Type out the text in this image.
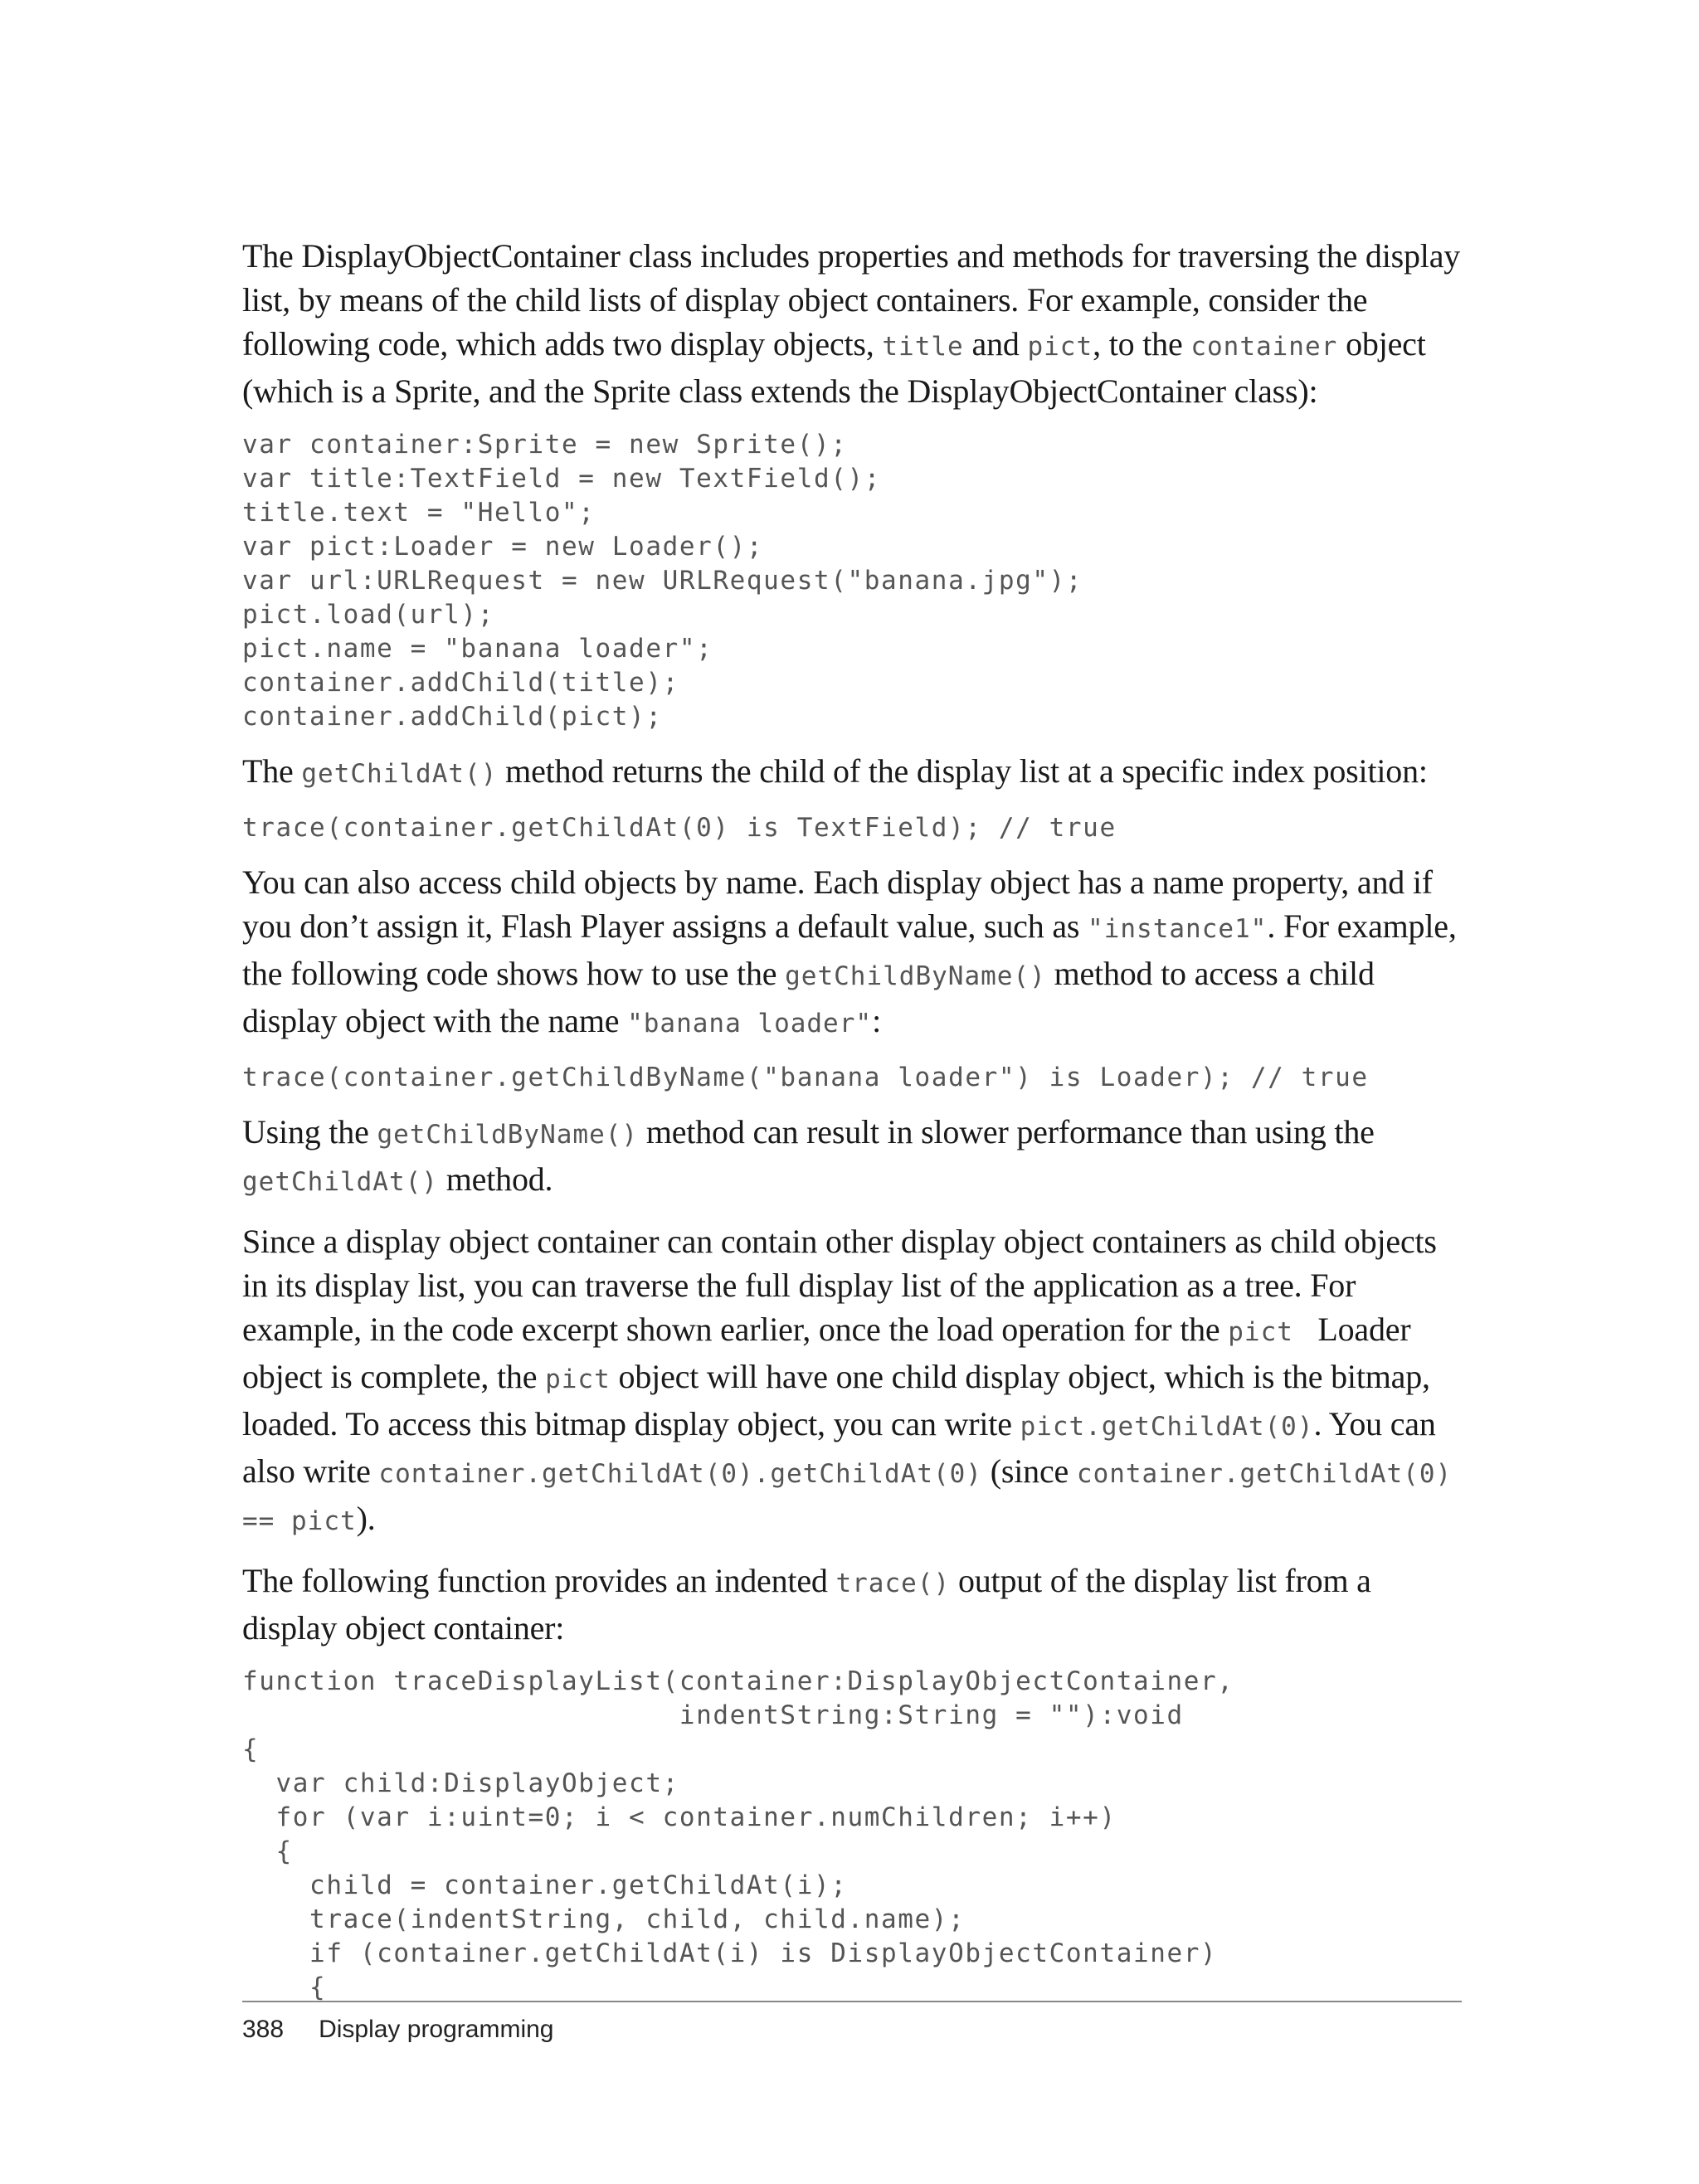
The DisplayObjectContainer class includes properties and methods for traversing the display list, by means of the child lists of display object containers. For example, consider the following code, which adds two display objects, title and pict, to the container object (which is a Sprite, and the Sprite class extends the DisplayObjectContainer class):

var container:Sprite = new Sprite();
var title:TextField = new TextField();
title.text = "Hello";
var pict:Loader = new Loader();
var url:URLRequest = new URLRequest("banana.jpg");
pict.load(url);
pict.name = "banana loader";
container.addChild(title);
container.addChild(pict);

The getChildAt() method returns the child of the display list at a specific index position:

trace(container.getChildAt(0) is TextField); // true

You can also access child objects by name. Each display object has a name property, and if you don’t assign it, Flash Player assigns a default value, such as "instance1". For example, the following code shows how to use the getChildByName() method to access a child display object with the name "banana loader":

trace(container.getChildByName("banana loader") is Loader); // true

Using the getChildByName() method can result in slower performance than using the getChildAt() method.

Since a display object container can contain other display object containers as child objects in its display list, you can traverse the full display list of the application as a tree. For example, in the code excerpt shown earlier, once the load operation for the pict  Loader object is complete, the pict object will have one child display object, which is the bitmap, loaded. To access this bitmap display object, you can write pict.getChildAt(0). You can also write container.getChildAt(0).getChildAt(0) (since container.getChildAt(0) == pict).

The following function provides an indented trace() output of the display list from a display object container:

function traceDisplayList(container:DisplayObjectContainer,
indentString:String = ""):void
{
var child:DisplayObject;
for (var i:uint=0; i < container.numChildren; i++)
{
child = container.getChildAt(i);
trace(indentString, child, child.name);
if (container.getChildAt(i) is DisplayObjectContainer)
{
388 Display programming
